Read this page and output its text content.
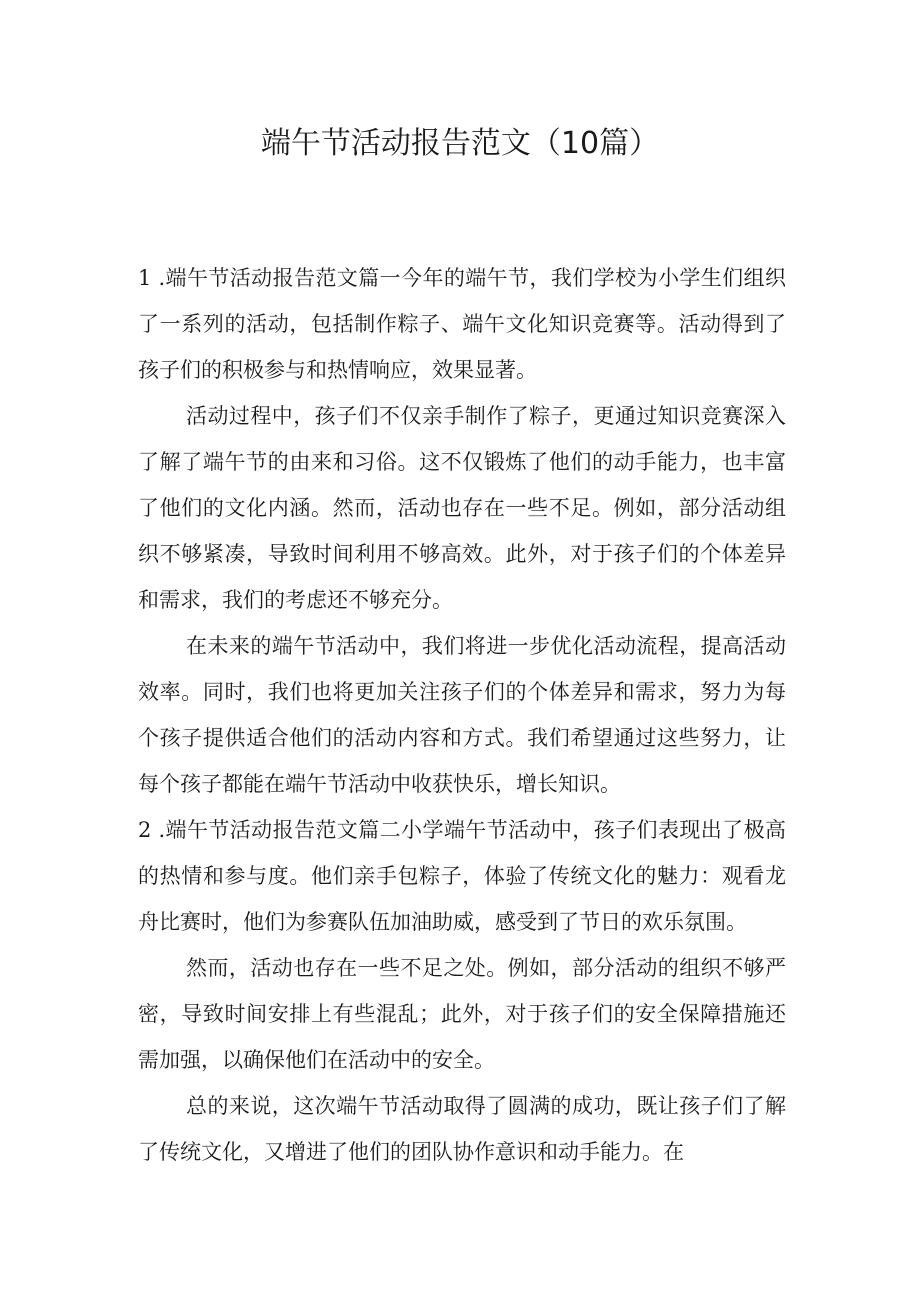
端午节活动报告范文（10篇）

1 .端午节活动报告范文篇一今年的端午节，我们学校为小学生们组织了一系列的活动，包括制作粽子、端午文化知识竞赛等。活动得到了孩子们的积极参与和热情响应，效果显著。

活动过程中，孩子们不仅亲手制作了粽子，更通过知识竞赛深入了解了端午节的由来和习俗。这不仅锻炼了他们的动手能力，也丰富了他们的文化内涵。然而，活动也存在一些不足。例如，部分活动组织不够紧凑，导致时间利用不够高效。此外，对于孩子们的个体差异和需求，我们的考虑还不够充分。

在未来的端午节活动中，我们将进一步优化活动流程，提高活动效率。同时，我们也将更加关注孩子们的个体差异和需求，努力为每个孩子提供适合他们的活动内容和方式。我们希望通过这些努力，让每个孩子都能在端午节活动中收获快乐，增长知识。

2 .端午节活动报告范文篇二小学端午节活动中，孩子们表现出了极高的热情和参与度。他们亲手包粽子，体验了传统文化的魅力：观看龙舟比赛时，他们为参赛队伍加油助威，感受到了节日的欢乐氛围。

然而，活动也存在一些不足之处。例如，部分活动的组织不够严密，导致时间安排上有些混乱；此外，对于孩子们的安全保障措施还需加强，以确保他们在活动中的安全。

总的来说，这次端午节活动取得了圆满的成功，既让孩子们了解了传统文化，又增进了他们的团队协作意识和动手能力。在
